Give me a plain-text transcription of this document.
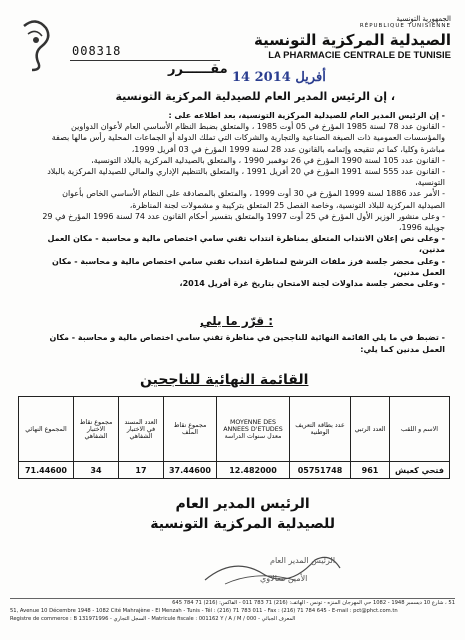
008318
الجمهورية التونسية
RÉPUBLIQUE TUNISIENNE
الصيدلية المركزية التونسية
LA PHARMACIE CENTRALE DE TUNISIE
مقــــــرر
14 أفريل 2014
إن الرئيس المدير العام للصيدلية المركزية التونسية ،

- إن الرئيس المدير العام للصيدلية المركزية التونسية، بعد اطلاعه على :

- القانون عدد 78 لسنة 1985 المؤرخ في 05 أوت 1985 ، والمتعلق بضبط النظام الأساسي العام لأعوان الدواوين والمؤسسات العمومية ذات الصبغة الصناعية والتجارية والشركات التي تملك الدولة أو الجماعات المحلية رأس مالها بصفة مباشرة وكليا، كما تم تنقيحه وإتمامه بالقانون عدد 28 لسنة 1999 المؤرخ في 03 أفريل 1999،

- القانون عدد 105 لسنة 1990 المؤرخ في 26 نوفمبر 1990 ، والمتعلق بالصيدلية المركزية بالبلاد التونسية،

- القانون عدد 555 لسنة 1991 المؤرخ في 20 أفريل 1991 ، والمتعلق بالتنظيم الإداري والمالي للصيدلية المركزية بالبلاد التونسية،

- الأمر عدد 1886 لسنة 1999 المؤرخ في 30 أوت 1999 ، والمتعلق بالمصادقة على النظام الأساسي الخاص بأعوان الصيدلية المركزية للبلاد التونسية، وخاصة الفصل 25 المتعلق بتركيبة و مشمولات لجنة المناظرة،

- وعلى منشور الوزير الأول المؤرخ في 25 أوت 1997 والمتعلق بتفسير أحكام القانون عدد 74 لسنة 1996 المؤرخ في 29 جويلية 1996،

- وعلى نص إعلان الانتداب المتعلق بمناظرة انتداب تقني سامي اختصاص مالية و محاسبة - مكان العمل مدنين،

- وعلى محضر جلسة فرز ملفات الترشح لمناظرة انتداب تقني سامي اختصاص مالية و محاسبة - مكان العمل مدنين،

- وعلى محضر جلسة مداولات لجنة الامتحان بتاريخ غرة أفريل 2014،

قرّر ما يلي :
- تضبط في ما يلي القائمة النهائية للناجحين في مناظرة تقني سامي اختصاص مالية و محاسبة - مكان العمل مدنين كما يلي:
القائمة النهائية للناجحين
المجموع النهائي	مجموع نقاط الاختبار الشفاهي	العدد المسند في الاختبار الشفاهي	مجموع نقاط الملف	MOYENNE DES ANNEES D'ETUDES معدل سنوات الدراسة	عدد بطاقة التعريف الوطنية	العدد الرتبي	الاسم و اللقب
71.44600	34	17	37.44600	12.482000	05751748	961	فتحي كعيش
الرئيس المدير العام
للصيدلية المركزية التونسية
الرئيس المدير العام
الأمين معالاوي
51 ، شارع 10 ديسمبر 1948 - 1082 حي المهرجان المنزه - تونس - الهاتف: (216) 71 783 011 - الفاكس: (216) 71 784 645
51, Avenue 10 Décembre 1948 - 1082 Cité Mahrajène - El Menzah - Tunis - Tél : (216) 71 783 011 - Fax : (216) 71 784 645 - E-mail : pct@phct.com.tn
Registre de commerce : B 131971996 - السجل التجاري - Matricule fiscale : 001162 Y / A / M / 000 - المعرف الجبائي
